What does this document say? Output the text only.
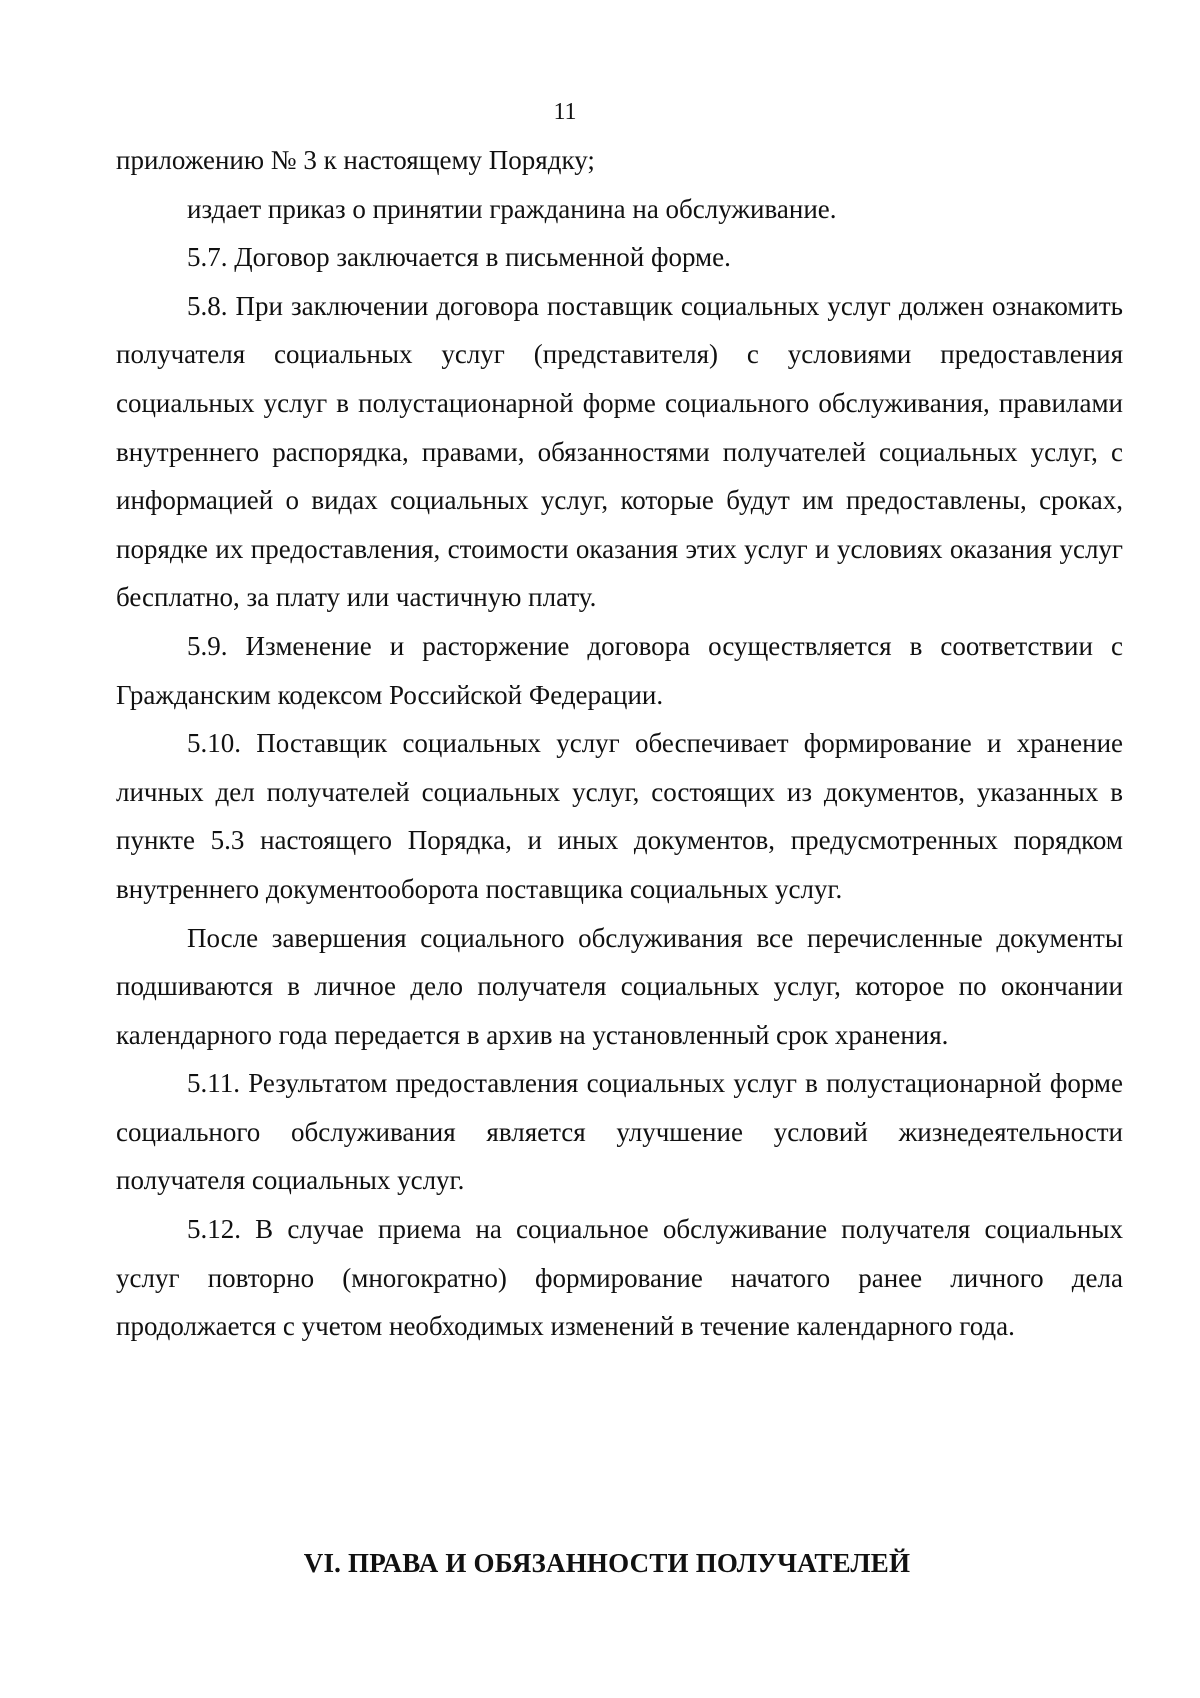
11

приложению № 3 к настоящему Порядку;

издает приказ о принятии гражданина на обслуживание.

5.7. Договор заключается в письменной форме.

5.8. При заключении договора поставщик социальных услуг должен ознакомить получателя социальных услуг (представителя) с условиями предоставления социальных услуг в полустационарной форме социального обслуживания, правилами внутреннего распорядка, правами, обязанностями получателей социальных услуг, с информацией о видах социальных услуг, которые будут им предоставлены, сроках, порядке их предоставления, стоимости оказания этих услуг и условиях оказания услуг бесплатно, за плату или частичную плату.

5.9. Изменение и расторжение договора осуществляется в соответствии с Гражданским кодексом Российской Федерации.

5.10. Поставщик социальных услуг обеспечивает формирование и хранение личных дел получателей социальных услуг, состоящих из документов, указанных в пункте 5.3 настоящего Порядка, и иных документов, предусмотренных порядком внутреннего документооборота поставщика социальных услуг.

После завершения социального обслуживания все перечисленные документы подшиваются в личное дело получателя социальных услуг, которое по окончании календарного года передается в архив на установленный срок хранения.

5.11. Результатом предоставления социальных услуг в полустационарной форме социального обслуживания является улучшение условий жизнедеятельности получателя социальных услуг.

5.12. В случае приема на социальное обслуживание получателя социальных услуг повторно (многократно) формирование начатого ранее личного дела продолжается с учетом необходимых изменений в течение календарного года.

VI. ПРАВА И ОБЯЗАННОСТИ ПОЛУЧАТЕЛЕЙ
